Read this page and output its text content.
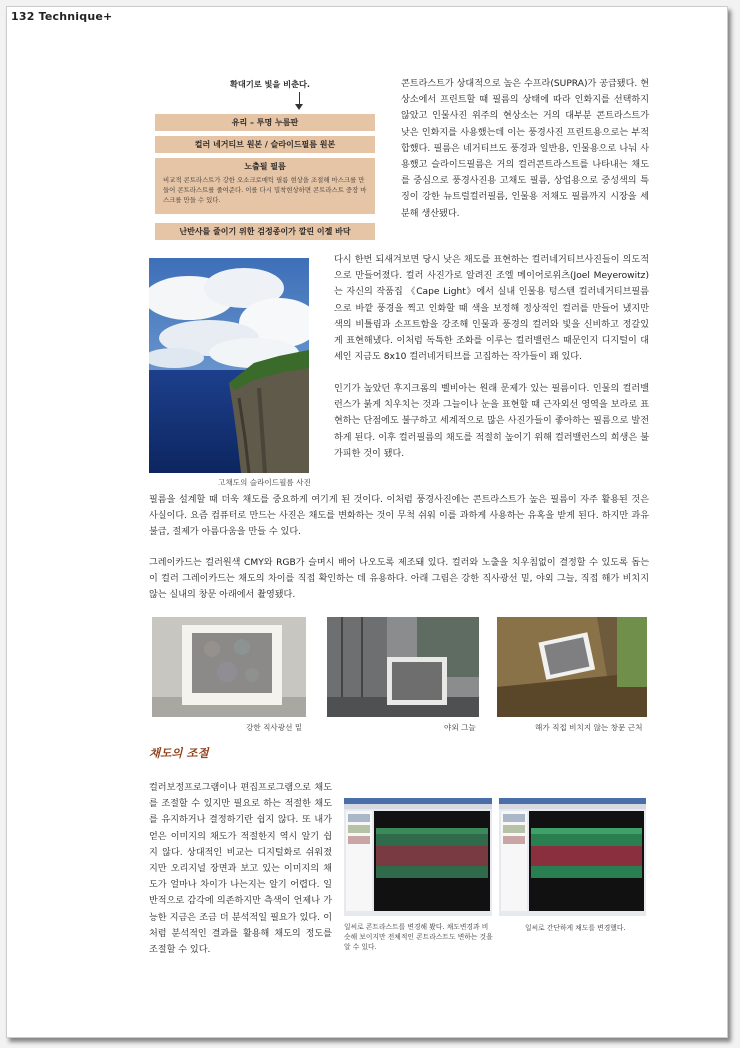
132 Technique+
확대기로 빛을 비춘다.
유리 – 투명 누름판
컬러 네거티브 원본 / 슬라이드필름 원본
노출될 필름
비교적 콘트라스트가 강한 오소크로매틱 필름 현상을 조절해 마스크를 만들어 콘트라스트를 줄여준다. 이를 다시 밀착현상하면 콘트라스트 중장 마스크를 만들 수 있다.
난반사를 줄이기 위한 검정종이가 깔린 이젤 바닥

콘트라스트가 상대적으로 높은 수프라(SUPRA)가 공급됐다. 현상소에서 프린트할 때 필름의 상태에 따라 인화지를 선택하지 않았고 인물사진 위주의 현상소는 거의 대부분 콘트라스트가 낮은 인화지를 사용했는데 이는 풍경사진 프린트용으로는 부적합했다. 필름은 네거티브도 풍경과 일반용, 인물용으로 나눠 사용했고 슬라이드필름은 거의 컬러콘트라스트를 나타내는 채도를 중심으로 풍경사진용 고채도 필름, 상업용으로 중성색의 특징이 강한 뉴트럴컬러필름, 인물용 저채도 필름까지 시장을 세분해 생산됐다.

고채도의 슬라이드필름 사진

다시 한번 되새겨보면 당시 낮은 채도를 표현하는 컬러네거티브사진들이 의도적으로 만들어졌다. 컬러 사진가로 알려진 조엘 메이어로위츠(Joel Meyerowitz)는 자신의 작품집 《Cape Light》에서 실내 인물용 텅스텐 컬러네거티브필름으로 바깥 풍경을 찍고 인화할 때 색을 보정해 정상적인 컬러를 만들어 냈지만 색의 비틀림과 소프트함을 강조해 인물과 풍경의 컬러와 빛을 신비하고 정갈있게 표현해냈다. 이처럼 독특한 조화를 이루는 컬러밸런스 때문인지 디지털이 대세인 지금도 8x10 컬러네거티브를 고집하는 작가들이 꽤 있다.

인기가 높았던 후지크롬의 벨비아는 원래 문제가 있는 필름이다. 인물의 컬러밸런스가 붉게 치우치는 것과 그늘이나 눈을 표현할 때 근자외선 영역을 보라로 표현하는 단점에도 불구하고 세계적으로 많은 사진가들이 좋아하는 필름으로 발전하게 된다. 이후 컬러필름의 채도를 적절히 높이기 위해 컬러밸런스의 희생은 불가피한 것이 됐다.

필름을 설계할 때 더욱 채도를 중요하게 여기게 된 것이다. 이처럼 풍경사진에는 콘트라스트가 높은 필름이 자주 활용된 것은 사실이다. 요즘 컴퓨터로 만드는 사진은 채도를 변화하는 것이 무척 쉬워 이를 과하게 사용하는 유혹을 받게 된다. 하지만 과유불급, 절제가 아름다움을 만들 수 있다.

그레이카드는 컬러원색 CMY와 RGB가 슬며시 배어 나오도록 제조돼 있다. 컬러와 노출을 치우침없이 결정할 수 있도록 돕는 이 컬러 그레이카드는 채도의 차이를 직접 확인하는 데 유용하다. 아래 그림은 강한 직사광선 밑, 야외 그늘, 직접 해가 비치지 않는 실내의 창문 아래에서 촬영됐다.

강한 직사광선 밑	야외 그늘	해가 직접 비치지 않는 창문 근처
채도의 조절

컬러보정프로그램이나 편집프로그램으로 채도를 조절할 수 있지만 필요로 하는 적절한 채도를 유지하거나 결정하기란 쉽지 않다. 또 내가 얻은 이미지의 채도가 적절한지 역시 알기 쉽지 않다. 상대적인 비교는 디지털화로 쉬워졌지만 오리지널 장면과 보고 있는 이미지의 채도가 얼마나 차이가 나는지는 알기 어렵다. 일반적으로 감각에 의존하지만 측색이 언제나 가능한 지금은 조금 더 분석적일 필요가 있다. 이처럼 분석적인 결과를 활용해 채도의 정도를 조절할 수 있다.

일씨로 콘트라스트를 변경해 봤다. 채도변경과 비슷해 보이지만 전체적인 콘트라스트도 변하는 것을 알 수 있다.
일씨로 간단하게 채도를 변경했다.
